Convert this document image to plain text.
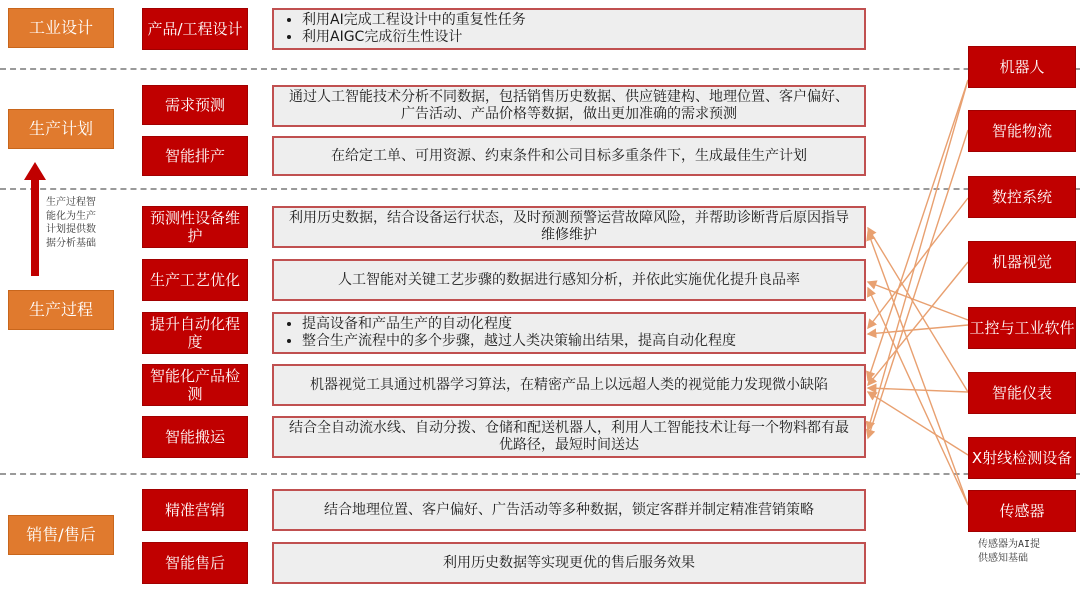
工业设计
生产计划
生产过程
销售/售后
生产过程智
能化为生产
计划提供数
据分析基础
产品/工程设计
需求预测
智能排产
预测性设备维护
生产工艺优化
提升自动化程度
智能化产品检测
智能搬运
精准营销
智能售后
• 利用AI完成工程设计中的重复性任务
• 利用AIGC完成衍生性设计
通过人工智能技术分析不同数据，包括销售历史数据、供应链建构、地理位置、客户偏好、广告活动、产品价格等数据，做出更加准确的需求预测
在给定工单、可用资源、约束条件和公司目标多重条件下，生成最佳生产计划
利用历史数据，结合设备运行状态，及时预测预警运营故障风险，并帮助诊断背后原因指导维修维护
人工智能对关键工艺步骤的数据进行感知分析，并依此实施优化提升良品率
• 提高设备和产品生产的自动化程度
• 整合生产流程中的多个步骤，越过人类决策输出结果，提高自动化程度
机器视觉工具通过机器学习算法，在精密产品上以远超人类的视觉能力发现微小缺陷
结合全自动流水线、自动分拨、仓储和配送机器人，利用人工智能技术让每一个物料都有最优路径，最短时间送达
结合地理位置、客户偏好、广告活动等多种数据，锁定客群并制定精准营销策略
利用历史数据等实现更优的售后服务效果
机器人
智能物流
数控系统
机器视觉
工控与工业软件
智能仪表
X射线检测设备
传感器
传感器为AI提
供感知基础
